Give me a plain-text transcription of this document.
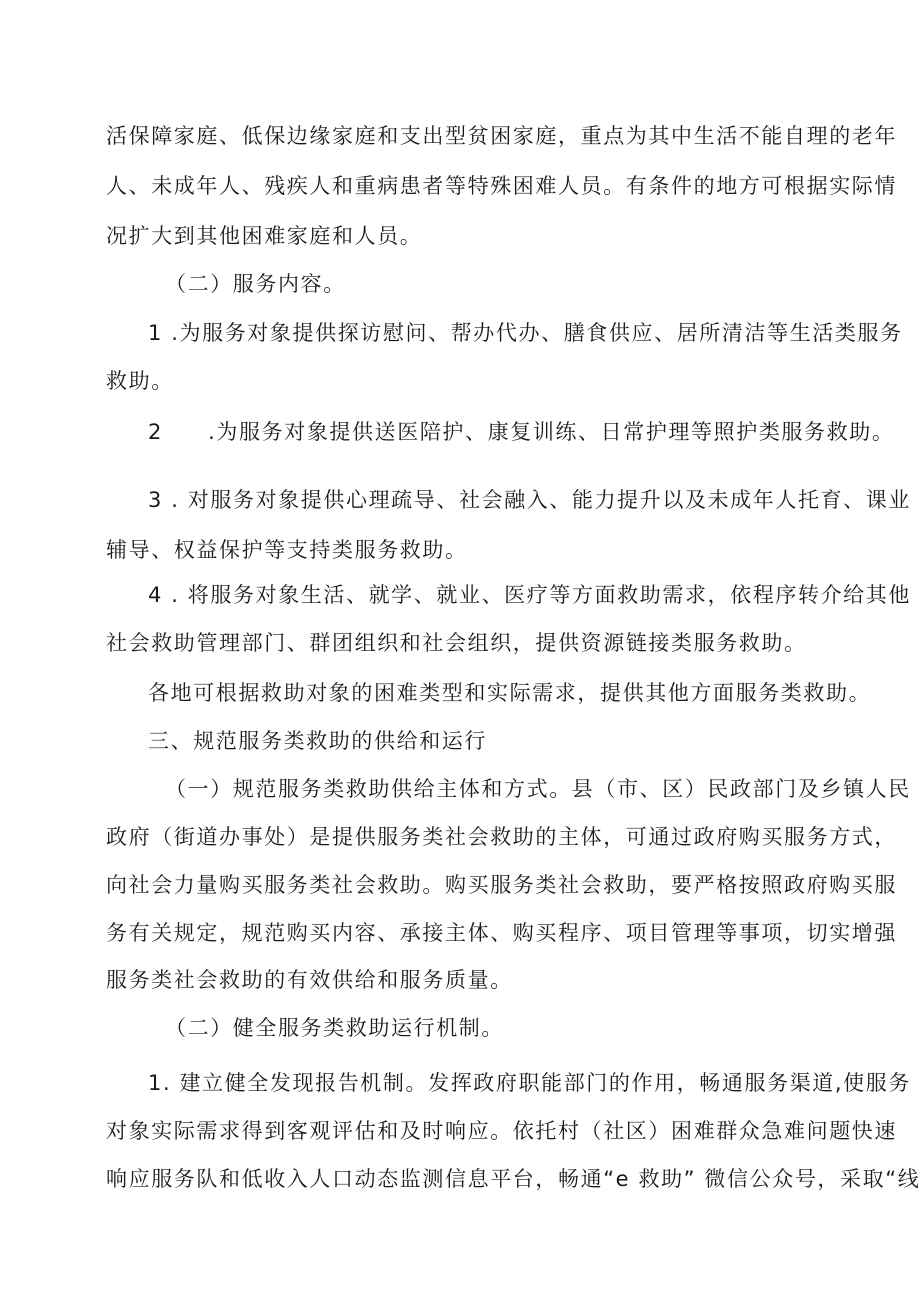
活保障家庭、低保边缘家庭和支出型贫困家庭，重点为其中生活不能自理的老年
人、未成年人、残疾人和重病患者等特殊困难人员。有条件的地方可根据实际情
况扩大到其他困难家庭和人员。
（二）服务内容。
1 .为服务对象提供探访慰问、帮办代办、膳食供应、居所清洁等生活类服务
救助。
2　　.为服务对象提供送医陪护、康复训练、日常护理等照护类服务救助。
3 . 对服务对象提供心理疏导、社会融入、能力提升以及未成年人托育、课业
辅导、权益保护等支持类服务救助。
4 . 将服务对象生活、就学、就业、医疗等方面救助需求，依程序转介给其他
社会救助管理部门、群团组织和社会组织，提供资源链接类服务救助。
各地可根据救助对象的困难类型和实际需求，提供其他方面服务类救助。
三、规范服务类救助的供给和运行
（一）规范服务类救助供给主体和方式。县（市、区）民政部门及乡镇人民
政府（街道办事处）是提供服务类社会救助的主体，可通过政府购买服务方式，
向社会力量购买服务类社会救助。购买服务类社会救助，要严格按照政府购买服
务有关规定，规范购买内容、承接主体、购买程序、项目管理等事项，切实增强
服务类社会救助的有效供给和服务质量。
（二）健全服务类救助运行机制。
1. 建立健全发现报告机制。发挥政府职能部门的作用，畅通服务渠道,使服务
对象实际需求得到客观评估和及时响应。依托村（社区）困难群众急难问题快速
响应服务队和低收入人口动态监测信息平台，畅通“e 救助” 微信公众号，采取“线
